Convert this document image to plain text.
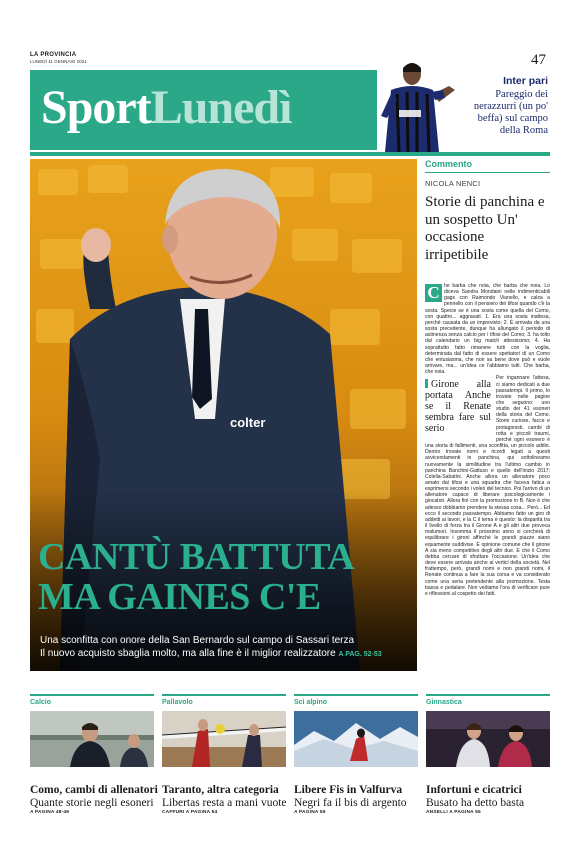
LA PROVINCIA
LUNEDÌ 11 GENNAIO 2021	47
SportLunedì	Inter pari
Pareggio dei nerazzurri (un po' beffa) sul campo della Roma
colter
CANTÙ BATTUTA
MA GAINES C'E
Una sconfitta con onore della San Bernardo sul campo di Sassari terza
Il nuovo acquisto sbaglia molto, ma alla fine è il miglior realizzatore A PAG. 52-53
Commento
NICOLA NENCI
Storie di panchina e un sospetto Un' occasione irripetibile
C he barba che noia, che barba che noia. Lo diceva Sandra Mondaini nelle indimenticabili gags con Raimondo Vianello, e calza a pennello con il pensiero dei tifosi quando c'è la sosta. Specie se è una sosta come quella del Como, con quattro... aggravati. 1. Era una sosta inattesa, perché causata da un imprevisto; 2. È arrivata da una sosta precedente, dunque ha allungato il periodo di astinenza senza calcio per i tifosi del Como; 3. ha tolto dal calendario un big match attesissimo; 4. Ha soprattutto fatto rimanere tutti con la voglia, determinata dal fatto di essere spettatori di un Como che entusiasma, che non sa bene dove può e vuole arrivare, ma... un'idea ce l'abbiamo tutti. Che barba, che noia.

Girone alla portata Anche se il Renate sembra fare sul serio

Per ingannare l'attesa, ci siamo dedicati a due passatempi. Il primo, lo trovate nelle pagine che seguono: uno studio dei 41 esoneri della storia del Como. Storie curiose, facce e protagonisti, cambi di rotta e piccoli traumi, perché ogni esonero è una storia di fallimenti, una sconfitta, un piccolo addio. Dentro trovate nomi e ricordi legati a questi avvicendamenti in panchina, qui sottolineamo nuovamente la similitudine tra l'ultimo cambio in panchina Banchini-Gattuso e quello dell'inizio 2017: Colella-Sabatini. Anche allora un allenatore poco amato dai tifosi e una squadra che faceva fatica a esprimersi secondo i voleri del tecnico. Poi l'arrivo di un allenatore capace di liberare psicologicamente i giocatori. Allora finì con la promozione in B. Non è che adesso dobbiamo prendere la stessa cosa... Però... Ed ecco il secondo passatempo. Abbiamo fatto un giro di addetti ai lavori, e la C il tema è questo: la disparità tra il livello di forza tra il Girone A e gli altri due provoca malumori. Insomma il prossimo anno si cercherà di equilibrare i gironi affinché le grandi piazze siano equamente suddivise. È opinione comune che il girone A sia meno competitivo degli altri due. E che il Como debba cercare di sfruttare l'occasione. Un'idea che deve essere arrivata anche ai vertici della società. Nel frattempo, però, grandi nomi e non grandi nomi, il Renate continua a fare la sua corsa e va considerato come una seria pretendente alla promozione. Testa bassa e pedalare. Non vediamo l'ora di verificare pure e riflessioni al cospetto dei fatti.

Calcio
Como, cambi di allenatori
Quante storie negli esoneri
A PAGINA 48-49
Pallavolo
Taranto, altra categoria
Libertas resta a mani vuote
CAFFURI A PAGINA 54
Sci alpino
Libere Fis in Valfurva
Negri fa il bis di argento
A PAGINA 55
Ginnastica
Infortuni e cicatrici
Busato ha detto basta
ANSELLI A PAGINA 55
